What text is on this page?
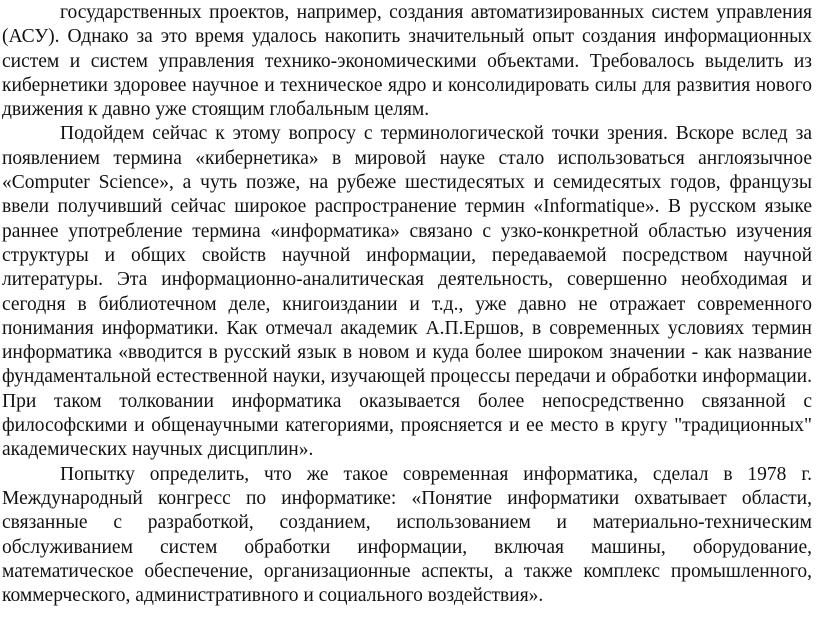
государственных проектов, например, создания автоматизированных систем управления (АСУ). Однако за это время удалось накопить значительный опыт создания информационных систем и систем управления технико-экономическими объектами. Требовалось выделить из кибернетики здоровее научное и техническое ядро и консолидировать силы для развития нового движения к давно уже стоящим глобальным целям.

Подойдем сейчас к этому вопросу с терминологической точки зрения. Вскоре вслед за появлением термина «кибернетика» в мировой науке стало использоваться англоязычное «Computer Science», а чуть позже, на рубеже шестидесятых и семидесятых годов, французы ввели получивший сейчас широкое распространение термин «Informatique». В русском языке раннее употребление термина «информатика» связано с узко-конкретной областью изучения структуры и общих свойств научной информации, передаваемой посредством научной литературы. Эта информационно-аналитическая деятельность, совершенно необходимая и сегодня в библиотечном деле, книгоиздании и т.д., уже давно не отражает современного понимания информатики. Как отмечал академик А.П.Ершов, в современных условиях термин информатика «вводится в русский язык в новом и куда более широком значении - как название фундаментальной естественной науки, изучающей процессы передачи и обработки информации. При таком толковании информатика оказывается более непосредственно связанной с философскими и общенаучными категориями, проясняется и ее место в кругу "традиционных" академических научных дисциплин».

Попытку определить, что же такое современная информатика, сделал в 1978 г. Международный конгресс по информатике: «Понятие информатики охватывает области, связанные с разработкой, созданием, использованием и материально-техническим обслуживанием систем обработки информации, включая машины, оборудование, математическое обеспечение, организационные аспекты, а также комплекс промышленного, коммерческого, административного и социального воздействия».
